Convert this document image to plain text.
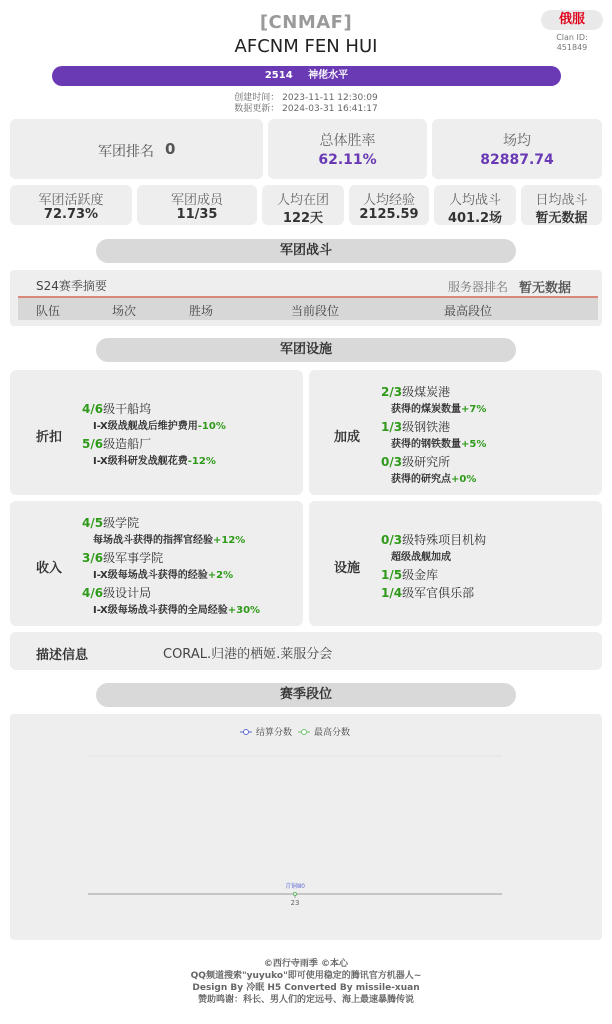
[CNMAF]
AFCNM FEN HUI
俄服
Clan ID:
451849
2514 神佬水平
创建时间： 2023-11-11 12:30:09
数据更新： 2024-03-31 16:41:17
军团排名 0	总体胜率
62.11%
场均
82887.74
军团活跃度
72.73%
军团成员
11/35
人均在团
122天
人均经验
2125.59
人均战斗
401.2场
日均战斗
暂无数据
军团战斗
S24赛季摘要	服务器排名 暂无数据
队伍	场次	胜场	当前段位	最高段位
军团设施
折扣
4/6级干船坞
I-X级战舰战后维护费用-10%
5/6级造船厂
I-X级科研发战舰花费-12%
加成
2/3级煤炭港
获得的煤炭数量+7%
1/3级钢铁港
获得的钢铁数量+5%
0/3级研究所
获得的研究点+0%
收入
4/5级学院
每场战斗获得的指挥官经验+12%
3/6级军事学院
I-X级每场战斗获得的经验+2%
4/6级设计局
I-X级每场战斗获得的全局经验+30%
设施
0/3级特殊项目机构
超级战舰加成
1/5级金库
1/4级军官俱乐部
描述信息	CORAL.归港的栖姬.莱服分会
赛季段位
结算分数 最高分数
23
青铜Ⅲ0
©西行寺雨季 ©本心
QQ频道搜索"yuyuko"即可使用稳定的腾讯官方机器人~
Design By 冷眠 H5 Converted By missile-xuan
赞助鸣谢：科长、男人们的定远号、海上最速暴腾传说
